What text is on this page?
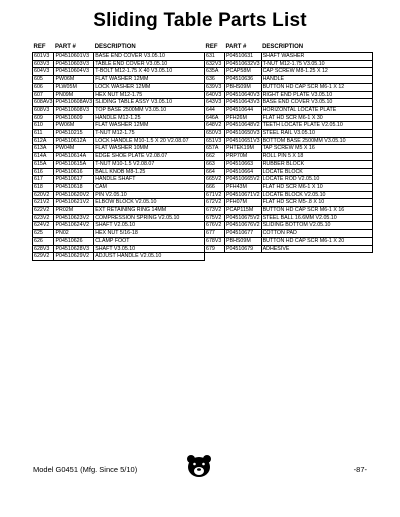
Sliding Table Parts List
REF	PART #	DESCRIPTION
601V3	P04510601V3	BASE END COVER V3.05.10
603V3	P04510603V3	TABLE END COVER V3.05.10
604V3	P04510604V3	T-BOLT M12-1.75 X 40 V3.05.10
605	PW06M	FLAT WASHER 12MM
606	PLW05M	LOCK WASHER 12MM
607	PN09M	HEX NUT M12-1.75
608AV3	P04510608AV3	SLIDING TABLE ASSY V3.05.10
608V3	P04510608V3	TOP BASE 2500MM V3.05.10
609	P04510609	HANDLE M12-1.25
610	PW06M	FLAT WASHER 12MM
611	P04510215	T-NUT M12-1.75
612A	P04510612A	LOCK HANDLE M10-1.5 X 20 V2.08.07
613A	PW04M	FLAT WASHER 10MM
614A	P04510614A	EDGE SHOE PLATE V2.08.07
615A	P04510615A	T-NUT M10-1.5 V2.08.07
616	P04510616	BALL KNOB M8-1.25
617	P04510617	HANDLE SHAFT
618	P04510618	CAM
620V2	P04510620V2	PIN V2.05.10
621V2	P04510621V2	ELBOW BLOCK V2.05.10
622V2	PR02M	EXT RETAINING RING 14MM
623V2	P04510623V2	COMPRESSION SPRING V2.05.10
624V2	P04510624V2	SHAFT V2.05.10
625	PN02	HEX NUT 5/16-18
626	P04510626	CLAMP FOOT
628V3	P04510628V3	SHAFT V3.05.10
629V2	P04510629V2	ADJUST HANDLE V2.05.10
REF	PART #	DESCRIPTION
631	P04510631	SHAFT WASHER
632V3	P04510632V3	T-NUT M12-1.75 V3.05.10
635A	PCAP58M	CAP SCREW M8-1.25 X 12
636	P04510636	HANDLE
639V3	PBHS09M	BUTTON HD CAP SCR M6-1 X 12
640V3	P04510640V3	RIGHT END PLATE V3.05.10
643V3	P04510643V3	BASE END COVER V3.05.10
644	P04510644	HORIZONTAL LOCATE PLATE
646A	PFH26M	FLAT HD SCR M6-1 X 30
648V2	P04510648V2	TEETH LOCATE PLATE V2.05.10
650V3	P04510650V3	STEEL RAIL V3.05.10
651V3	P04510651V3	BOTTOM BASE 2500MM V3.05.10
657A	PHTEK19M	TAP SCREW M5 X 16
662	PRP70M	ROLL PIN 5 X 18
663	P04510663	RUBBER BLOCK
664	P04510664	LOCATE BLOCK
665V2	P04510665V2	LOCATE ROD V2.05.10
666	PFH43M	FLAT HD SCR M6-1 X 10
671V2	P04510671V2	LOCATE BLOCK V2.05.10
672V2	PFH07M	FLAT HD SCR M5-.8 X 10
673V2	PCAP115M	BUTTON HD CAP SCR M6-1 X 16
675V2	P04510675V2	STEEL BALL 16.6MM V2.05.10
676V2	P04510676V2	SLIDING BOTTOM V2.05.10
677	P04510677	COTTON PAD
678V3	PBHS09M	BUTTON HD CAP SCR M6-1 X 20
679	P04510679	ADHESIVE
Model G0451 (Mfg. Since 5/10)	-87-
